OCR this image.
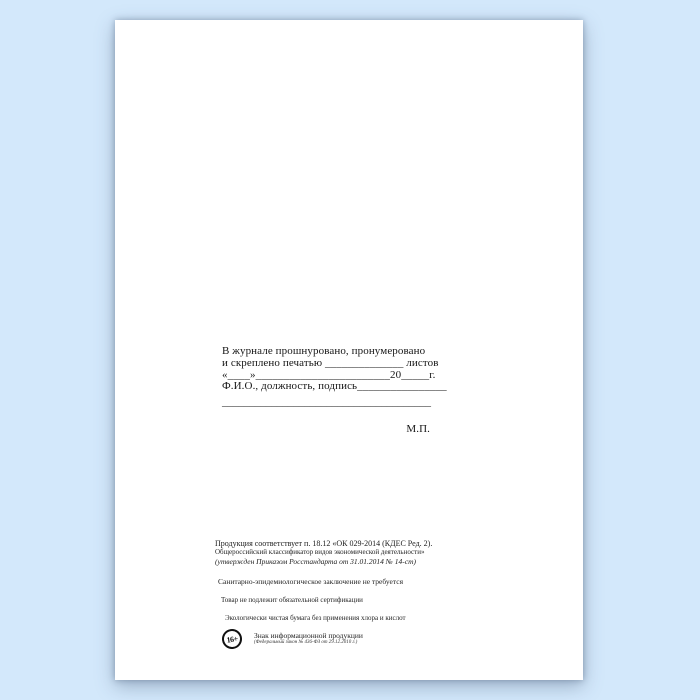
В журнале прошнуровано, пронумеровано
и скреплено печатью ______________ листов
«____»________________________20_____г.
Ф.И.О., должность, подпись________________
______________________________________
М.П.

Продукция соответствует п. 18.12 «ОК 029-2014 (КДЕС Ред. 2).

Общероссийский классификатор видов экономической деятельности»

(утвержден Приказом Росстандарта от 31.01.2014 № 14-ст)

Санитарно-эпидемиологическое заключение не требуется

Товар не подлежит обязательной сертификации

Экологически чистая бумага без применения хлора и кислот

16+	Знак информационной продукции
(Федеральный закон № 436-ФЗ от 29.12.2010 г.)
